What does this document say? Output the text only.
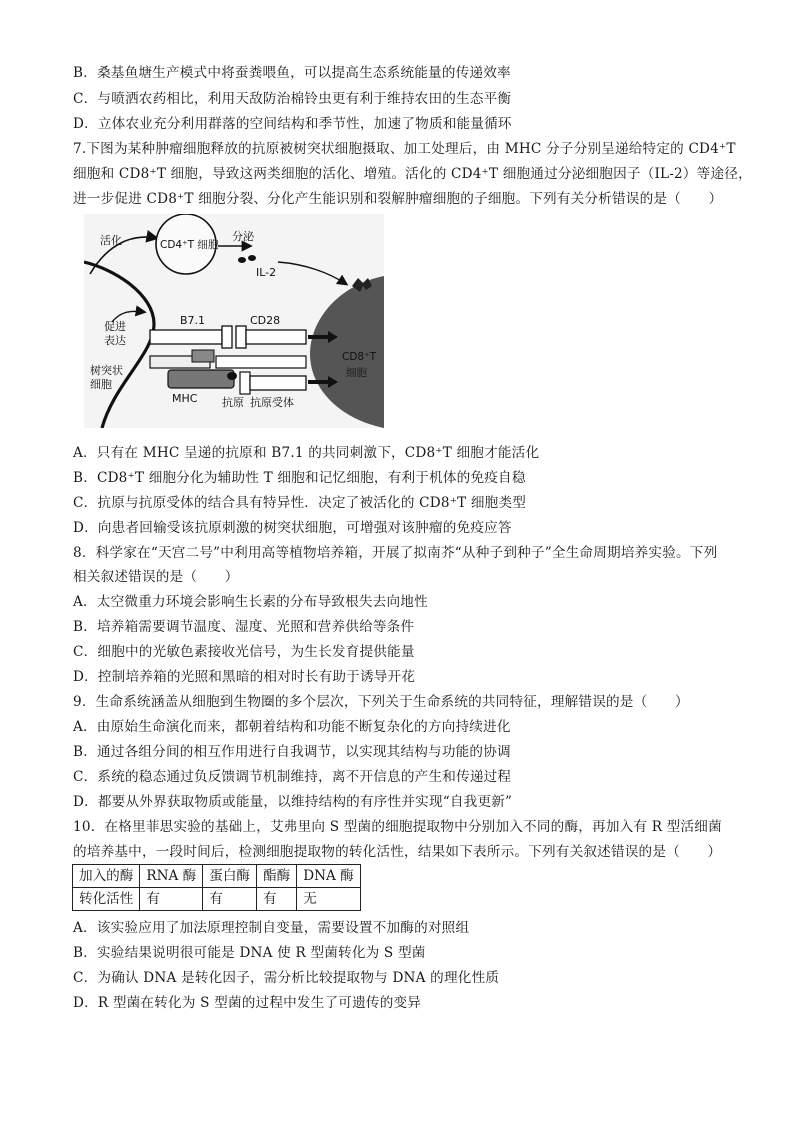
B．桑基鱼塘生产模式中将蚕粪喂鱼，可以提高生态系统能量的传递效率
C．与喷洒农药相比，利用天敌防治棉铃虫更有利于维持农田的生态平衡
D．立体农业充分利用群落的空间结构和季节性，加速了物质和能量循环
7.下图为某种肿瘤细胞释放的抗原被树突状细胞摄取、加工处理后，由 MHC 分子分别呈递给特定的 CD4⁺T
细胞和 CD8⁺T 细胞，导致这两类细胞的活化、增殖。活化的 CD4⁺T 细胞通过分泌细胞因子（IL-2）等途径，
进一步促进 CD8⁺T 细胞分裂、分化产生能识别和裂解肿瘤细胞的子细胞。下列有关分析错误的是（　　）
活化	CD4⁺T 细胞
分泌
IL-2
促进
表达
树突状
细胞
B7.1	CD28
MHC 抗原 抗原受体
CD8⁺T
细胞
A．只有在 MHC 呈递的抗原和 B7.1 的共同刺激下，CD8⁺T 细胞才能活化
B．CD8⁺T 细胞分化为辅助性 T 细胞和记忆细胞，有利于机体的免疫自稳
C．抗原与抗原受体的结合具有特异性．决定了被活化的 CD8⁺T 细胞类型
D．向患者回输受该抗原刺激的树突状细胞，可增强对该肿瘤的免疫应答
8．科学家在“天宫二号”中利用高等植物培养箱，开展了拟南芥“从种子到种子”全生命周期培养实验。下列
相关叙述错误的是（　　）
A．太空微重力环境会影响生长素的分布导致根失去向地性
B．培养箱需要调节温度、湿度、光照和营养供给等条件
C．细胞中的光敏色素接收光信号，为生长发育提供能量
D．控制培养箱的光照和黑暗的相对时长有助于诱导开花
9．生命系统涵盖从细胞到生物圈的多个层次，下列关于生命系统的共同特征，理解错误的是（　　）
A．由原始生命演化而来，都朝着结构和功能不断复杂化的方向持续进化
B．通过各组分间的相互作用进行自我调节，以实现其结构与功能的协调
C．系统的稳态通过负反馈调节机制维持，离不开信息的产生和传递过程
D．都要从外界获取物质或能量，以维持结构的有序性并实现“自我更新”
10．在格里菲思实验的基础上，艾弗里向 S 型菌的细胞提取物中分别加入不同的酶，再加入有 R 型活细菌
的培养基中，一段时间后，检测细胞提取物的转化活性，结果如下表所示。下列有关叙述错误的是（　　）
加入的酶	RNA 酶	蛋白酶	酯酶	DNA 酶
转化活性	有	有	有	无
A．该实验应用了加法原理控制自变量，需要设置不加酶的对照组
B．实验结果说明很可能是 DNA 使 R 型菌转化为 S 型菌
C．为确认 DNA 是转化因子，需分析比较提取物与 DNA 的理化性质
D．R 型菌在转化为 S 型菌的过程中发生了可遗传的变异
